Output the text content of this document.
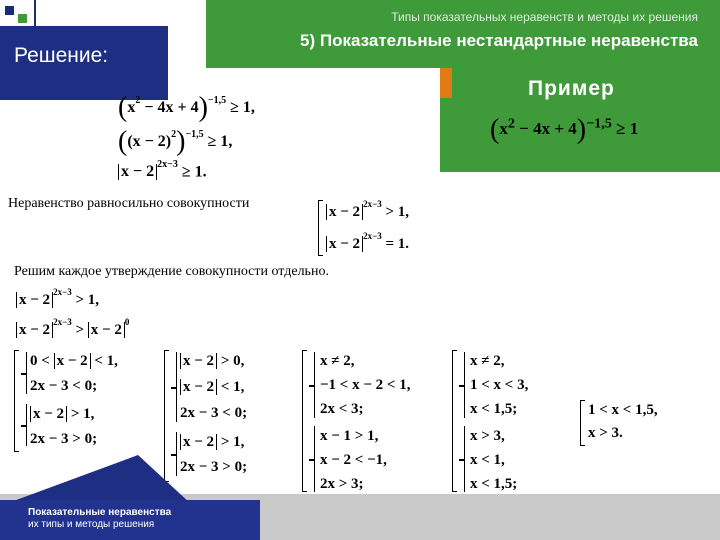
Решение:
Типы показательных неравенств и методы их решения
5) Показательные нестандартные неравенства
Пример
$(x^2 - 4x + 4)^{-1,5} \ge 1$
$(x^2 - 4x + 4)^{-1,5} \ge 1$,
$((x - 2)^2)^{-1,5} \ge 1$,
x − 2 $^{2x-3}$ ≥ 1.
Неравенство равносильно совокупности
x − 2 $^{2x-3}$ > 1,
x − 2 $^{2x-3}$ = 1.
Решим каждое утверждение совокупности отдельно.
x − 2 $^{2x-3}$ > 1,
x − 2 $^{2x-3}$ > x − 2 $^0$
0 < x − 2 < 1,
2x − 3 < 0;
x − 2 > 1,
2x − 3 > 0;
x − 2 > 0,
x − 2 < 1,
2x − 3 < 0;
x − 2 > 1,
2x − 3 > 0;
x ≠ 2,
−1 < x − 2 < 1,
2x < 3;
x − 1 > 1,
x − 2 < −1,
2x > 3;
x ≠ 2,
1 < x < 3,
x < 1,5;
x > 3,
x < 1,
x < 1,5;
1 < x < 1,5,
x > 3.
Показательные неравенства
их типы и методы решения
